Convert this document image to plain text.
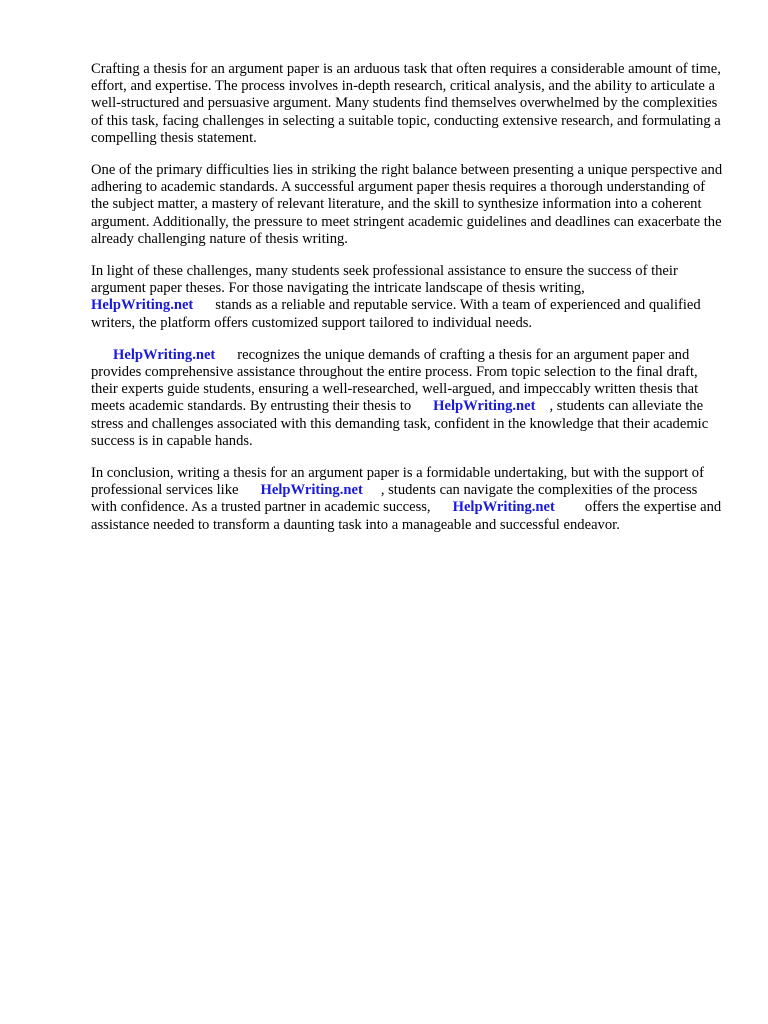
Crafting a thesis for an argument paper is an arduous task that often requires a considerable amount of time, effort, and expertise. The process involves in-depth research, critical analysis, and the ability to articulate a well-structured and persuasive argument. Many students find themselves overwhelmed by the complexities of this task, facing challenges in selecting a suitable topic, conducting extensive research, and formulating a compelling thesis statement.

One of the primary difficulties lies in striking the right balance between presenting a unique perspective and adhering to academic standards. A successful argument paper thesis requires a thorough understanding of the subject matter, a mastery of relevant literature, and the skill to synthesize information into a coherent argument. Additionally, the pressure to meet stringent academic guidelines and deadlines can exacerbate the already challenging nature of thesis writing.

In light of these challenges, many students seek professional assistance to ensure the success of their argument paper theses. For those navigating the intricate landscape of thesis writing, HelpWriting.net stands as a reliable and reputable service. With a team of experienced and qualified writers, the platform offers customized support tailored to individual needs.

HelpWriting.net recognizes the unique demands of crafting a thesis for an argument paper and provides comprehensive assistance throughout the entire process. From topic selection to the final draft, their experts guide students, ensuring a well-researched, well-argued, and impeccably written thesis that meets academic standards. By entrusting their thesis to HelpWriting.net , students can alleviate the stress and challenges associated with this demanding task, confident in the knowledge that their academic success is in capable hands.

In conclusion, writing a thesis for an argument paper is a formidable undertaking, but with the support of professional services like HelpWriting.net , students can navigate the complexities of the process with confidence. As a trusted partner in academic success, HelpWriting.net offers the expertise and assistance needed to transform a daunting task into a manageable and successful endeavor.
